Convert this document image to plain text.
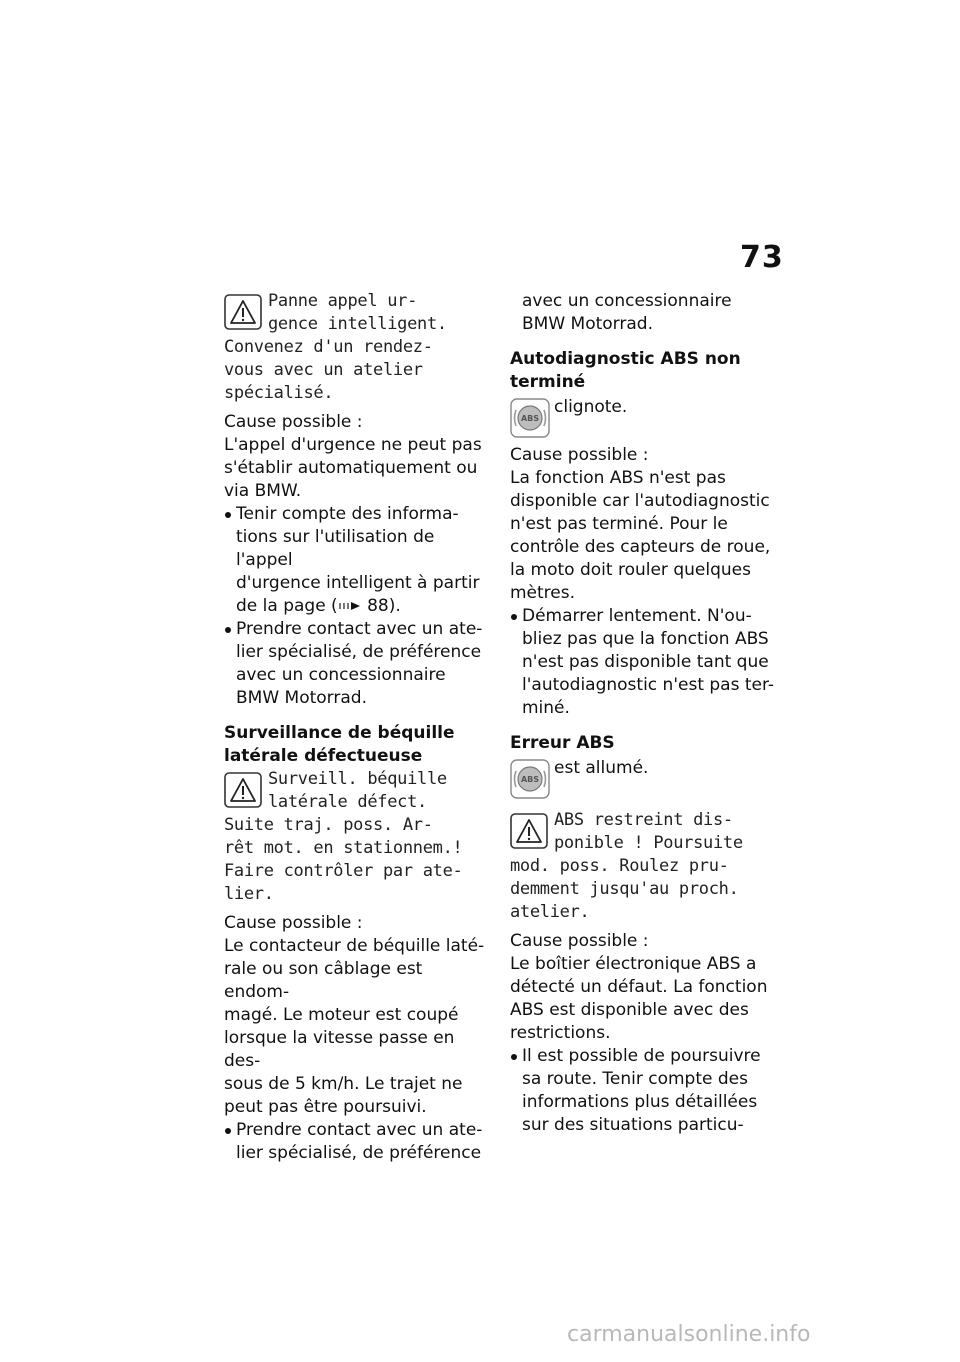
73

Panne appel ur-

gence intelligent.

Convenez d'un rendez-

vous avec un atelier

spécialisé.

Cause possible :

L'appel d'urgence ne peut pas

s'établir automatiquement ou

via BMW.

Tenir compte des informa-

tions sur l'utilisation de l'appel

d'urgence intelligent à partir

de la page ( 88).

Prendre contact avec un ate-

lier spécialisé, de préférence

avec un concessionnaire

BMW Motorrad.

Surveillance de béquille

latérale défectueuse

Surveill. béquille

latérale défect.

Suite traj. poss. Ar-

rêt mot. en stationnem.!

Faire contrôler par ate-

lier.

Cause possible :

Le contacteur de béquille laté-

rale ou son câblage est endom-

magé. Le moteur est coupé

lorsque la vitesse passe en des-

sous de 5 km/h. Le trajet ne

peut pas être poursuivi.

Prendre contact avec un ate-

lier spécialisé, de préférence

avec un concessionnaire

BMW Motorrad.

Autodiagnostic ABS non

terminé

ABS
clignote.

Cause possible :

La fonction ABS n'est pas

disponible car l'autodiagnostic

n'est pas terminé. Pour le

contrôle des capteurs de roue,

la moto doit rouler quelques

mètres.

Démarrer lentement. N'ou-

bliez pas que la fonction ABS

n'est pas disponible tant que

l'autodiagnostic n'est pas ter-

miné.

Erreur ABS

ABS
est allumé.

ABS restreint dis-

ponible ! Poursuite

mod. poss. Roulez pru-

demment jusqu'au proch.

atelier.

Cause possible :

Le boîtier électronique ABS a

détecté un défaut. La fonction

ABS est disponible avec des

restrictions.

Il est possible de poursuivre

sa route. Tenir compte des

informations plus détaillées

sur des situations particu-

carmanualsonline.info
